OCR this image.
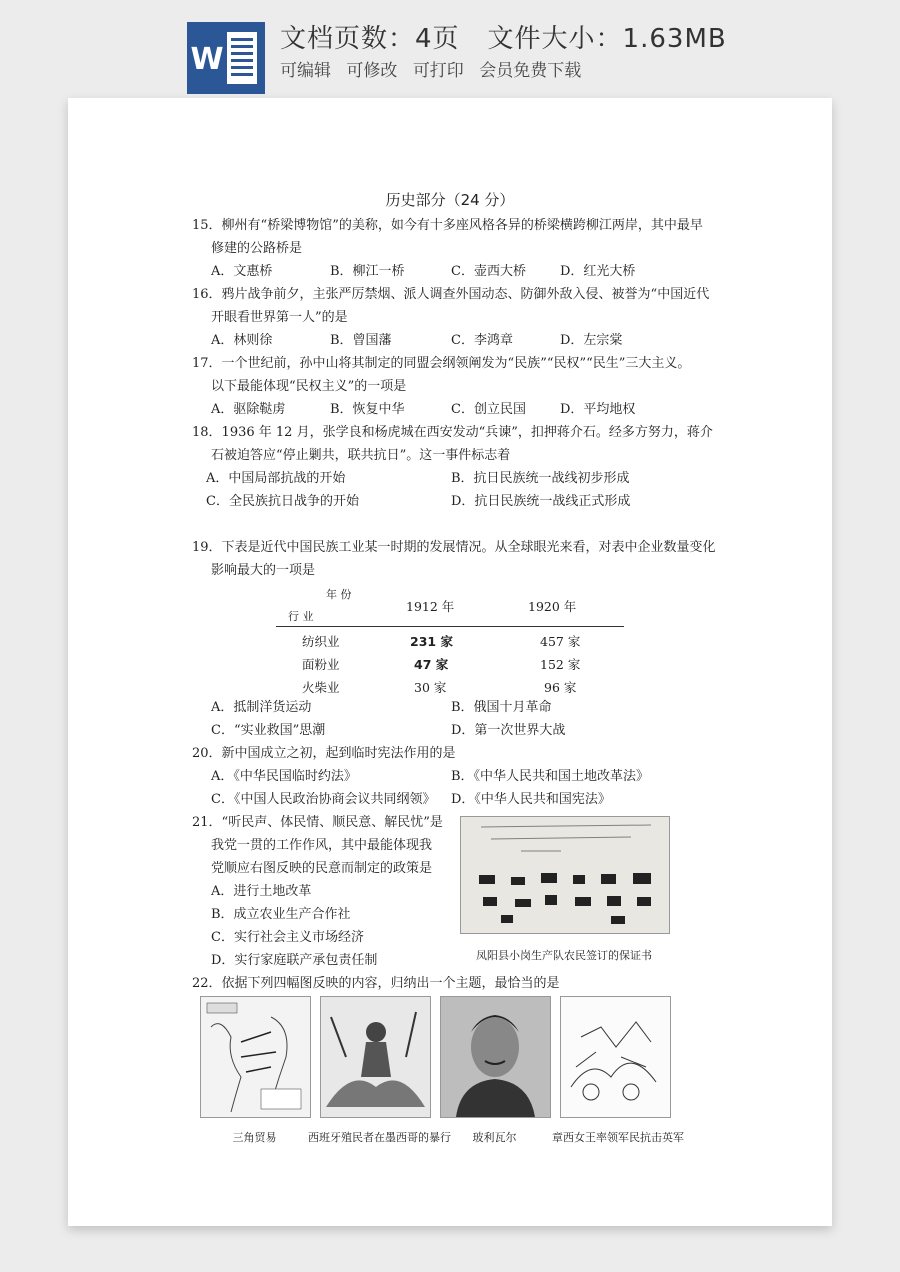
W
文档页数：4页 文件大小：1.63MB
可编辑 可修改 可打印 会员免费下载
历史部分（24 分）
15．柳州有“桥梁博物馆”的美称，如今有十多座风格各异的桥梁横跨柳江两岸，其中最早
修建的公路桥是
A．文惠桥	B．柳江一桥	C．壶西大桥	D．红光大桥
16．鸦片战争前夕，主张严厉禁烟、派人调查外国动态、防御外敌入侵、被誉为“中国近代
开眼看世界第一人”的是
A．林则徐	B．曾国藩	C．李鸿章	D．左宗棠
17．一个世纪前，孙中山将其制定的同盟会纲领阐发为“民族”“民权”“民生”三大主义。
以下最能体现“民权主义”的一项是
A．驱除鞑虏	B．恢复中华	C．创立民国	D．平均地权
18．1936 年 12 月，张学良和杨虎城在西安发动“兵谏”，扣押蒋介石。经多方努力，蒋介
石被迫答应“停止剿共，联共抗日”。这一事件标志着
A．中国局部抗战的开始	B．抗日民族统一战线初步形成
C．全民族抗日战争的开始	D．抗日民族统一战线正式形成
19．下表是近代中国民族工业某一时期的发展情况。从全球眼光来看，对表中企业数量变化
影响最大的一项是
年 份
行 业
1912 年	1920 年
纺织业	231 家	457 家
面粉业	47 家	152 家
火柴业	30 家	96 家
A．抵制洋货运动	B．俄国十月革命
C．“实业救国”思潮	D．第一次世界大战
20．新中国成立之初，起到临时宪法作用的是
A．《中华民国临时约法》	B．《中华人民共和国土地改革法》
C．《中国人民政治协商会议共同纲领》 D．《中华人民共和国宪法》
21．“听民声、体民情、顺民意、解民忧”是
我党一贯的工作作风，其中最能体现我
党顺应右图反映的民意而制定的政策是
A．进行土地改革
B．成立农业生产合作社
C．实行社会主义市场经济
D．实行家庭联产承包责任制	凤阳县小岗生产队农民签订的保证书
22．依据下列四幅图反映的内容，归纳出一个主题，最恰当的是
三角贸易	西班牙殖民者在墨西哥的暴行	玻利瓦尔	章西女王率领军民抗击英军
